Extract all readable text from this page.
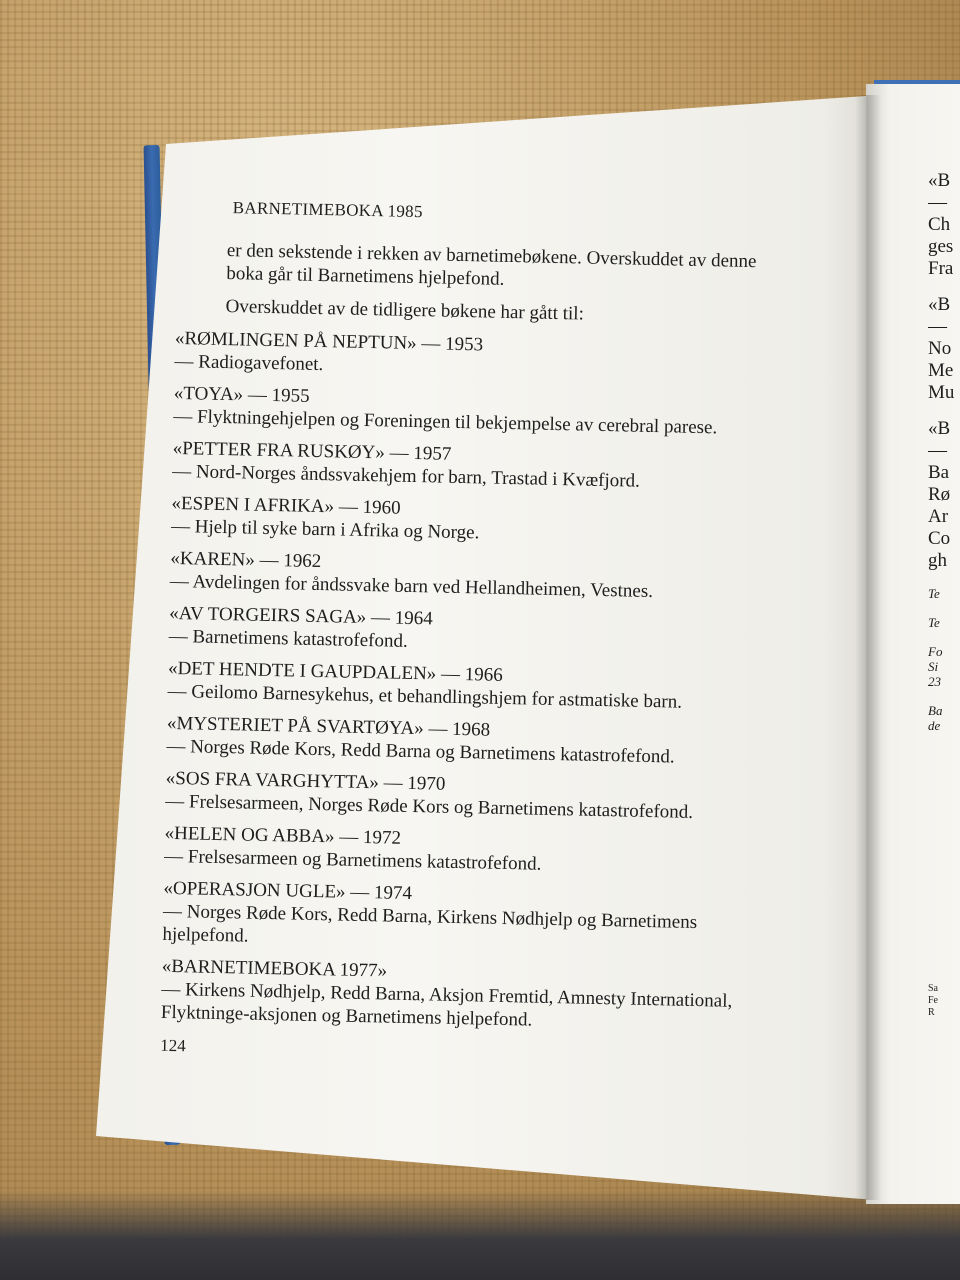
BARNETIMEBOKA 1985
er den sekstende i rekken av barnetimebøkene. Overskuddet av denne boka går til Barnetimens hjelpefond.
Overskuddet av de tidligere bøkene har gått til:
«RØMLINGEN PÅ NEPTUN» — 1953
— Radiogavefonet.
«TOYA» — 1955
— Flyktningehjelpen og Foreningen til bekjempelse av cerebral parese.
«PETTER FRA RUSKØY» — 1957
— Nord-Norges åndssvakehjem for barn, Trastad i Kvæfjord.
«ESPEN I AFRIKA» — 1960
— Hjelp til syke barn i Afrika og Norge.
«KAREN» — 1962
— Avdelingen for åndssvake barn ved Hellandheimen, Vestnes.
«AV TORGEIRS SAGA» — 1964
— Barnetimens katastrofefond.
«DET HENDTE I GAUPDALEN» — 1966
— Geilomo Barnesykehus, et behandlingshjem for astmatiske barn.
«MYSTERIET PÅ SVARTØYA» — 1968
— Norges Røde Kors, Redd Barna og Barnetimens katastrofefond.
«SOS FRA VARGHYTTA» — 1970
— Frelsesarmeen, Norges Røde Kors og Barnetimens katastrofefond.
«HELEN OG ABBA» — 1972
— Frelsesarmeen og Barnetimens katastrofefond.
«OPERASJON UGLE» — 1974
— Norges Røde Kors, Redd Barna, Kirkens Nødhjelp og Barnetimens hjelpefond.
«BARNETIMEBOKA 1977»
— Kirkens Nødhjelp, Redd Barna, Aksjon Fremtid, Amnesty International, Flyktninge-aksjonen og Barnetimens hjelpefond.
124
«B
—
Ch
ges
Fra
«B
—
No
Me
Mu
«B
—
Ba
Rø
Ar
Co
gh
Te
Te
Fo
Si
23
Ba
de
Sa
Fe
R
